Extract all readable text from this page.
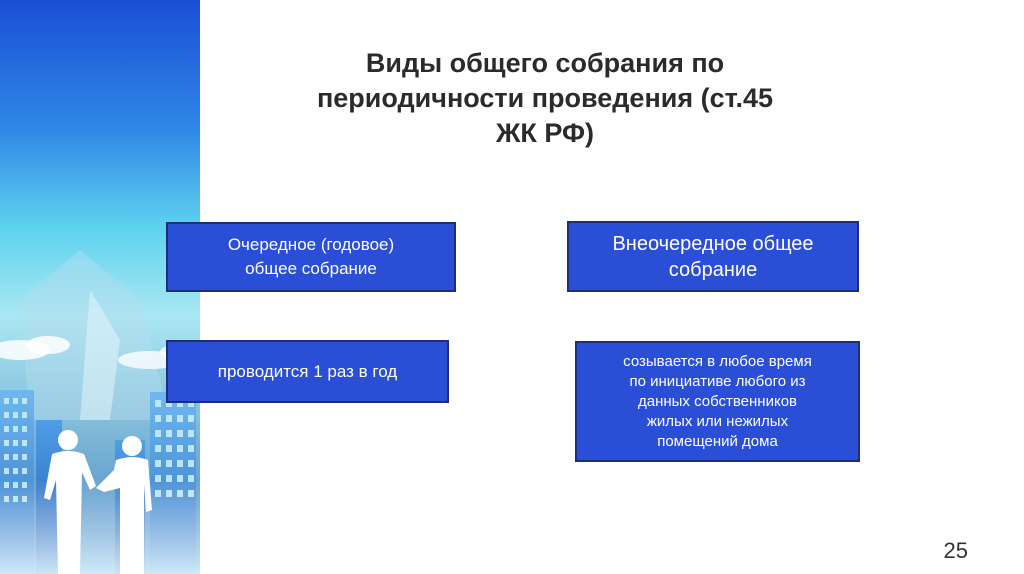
Виды общего собрания по
периодичности проведения (ст.45
ЖК РФ)
Очередное (годовое)
общее собрание
Внеочередное общее
собрание
проводится 1 раз в год
созывается в любое время
по инициативе любого из
данных собственников
жилых или нежилых
помещений дома
25
